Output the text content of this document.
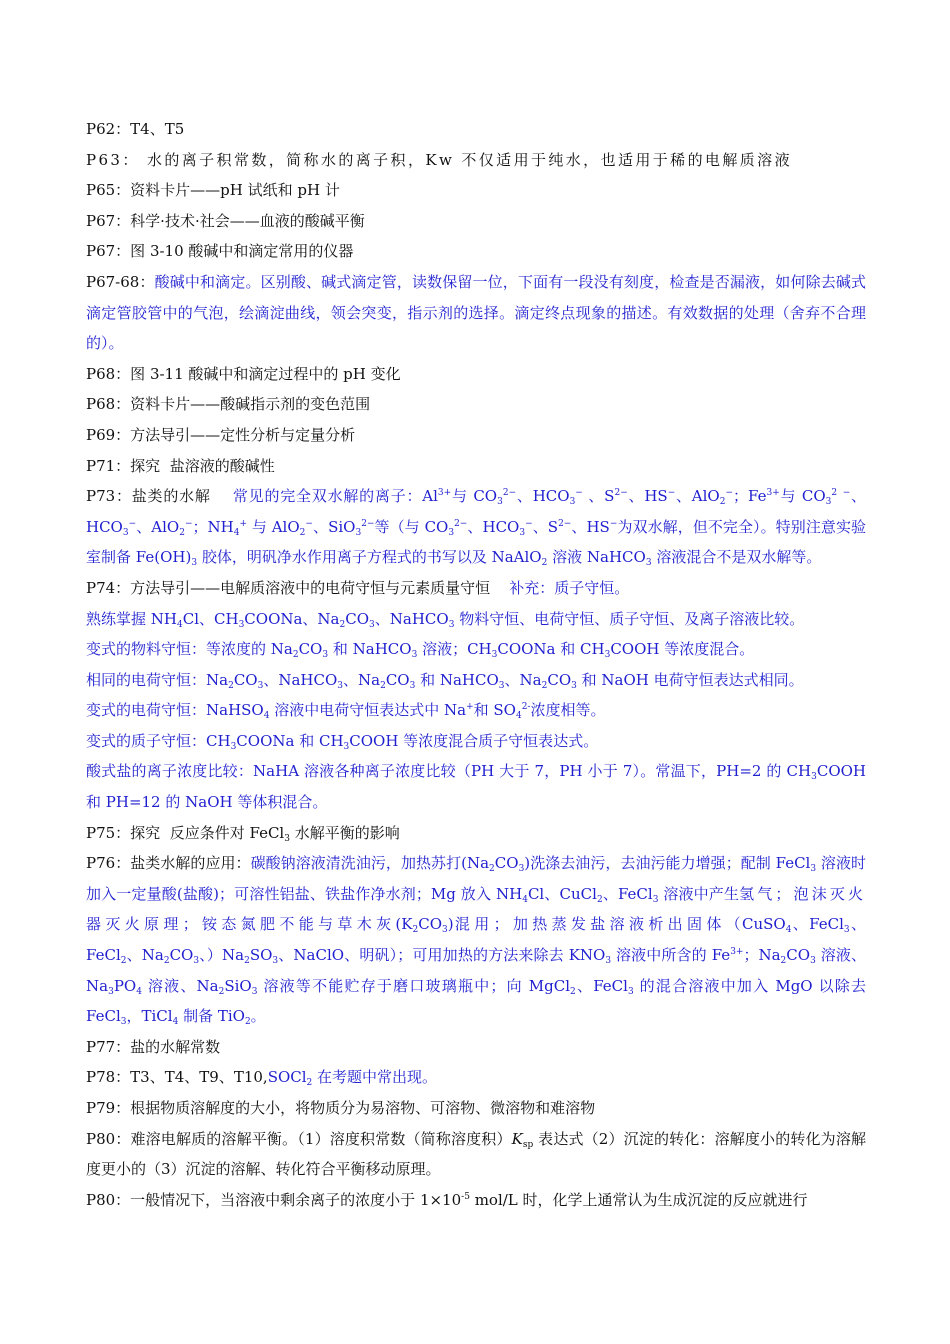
P62：T4、T5

P63： 水的离子积常数，简称水的离子积，Kw 不仅适用于纯水，也适用于稀的电解质溶液

P65：资料卡片——pH 试纸和 pH 计

P67：科学·技术·社会——血液的酸碱平衡

P67：图 3-10 酸碱中和滴定常用的仪器

P67-68：酸碱中和滴定。区别酸、碱式滴定管，读数保留一位，下面有一段没有刻度，检查是否漏液，如何除去碱式滴定管胶管中的气泡，绘滴淀曲线，领会突变，指示剂的选择。滴定终点现象的描述。有效数据的处理（舍弃不合理的）。

P68：图 3-11 酸碱中和滴定过程中的 pH 变化

P68：资料卡片——酸碱指示剂的变色范围

P69：方法导引——定性分析与定量分析

P71：探究  盐溶液的酸碱性

P73：盐类的水解    常见的完全双水解的离子：$Al^{3+}$与 $CO_3^{2-}$、$HCO_3^-$ 、$S^{2-}$、HS−、AlO$_2$−；$Fe^{3+}$与 $CO_3^2$ −、$HCO_3^-$、AlO$_2$−；$NH_4^+$ 与 AlO$_2$−、SiO$_3^{2-}$等（与 $CO_3^{2-}$、$HCO_3^-$、$S^{2-}$、HS−为双水解，但不完全）。特别注意实验室制备 $Fe(OH)_3$ 胶体，明矾净水作用离子方程式的书写以及 NaAlO$_2$ 溶液 NaHCO$_3$ 溶液混合不是双水解等。

P74：方法导引——电解质溶液中的电荷守恒与元素质量守恒 补充：质子守恒。

熟练掌握 $NH_4Cl$、$CH_3COONa$、$Na_2CO_3$、NaHCO$_3$ 物料守恒、电荷守恒、质子守恒、及离子溶液比较。

变式的物料守恒：等浓度的 $Na_2CO_3$ 和 NaHCO$_3$ 溶液；$CH_3COONa$ 和 $CH_3COOH$ 等浓度混合。

相同的电荷守恒：$Na_2CO_3$、NaHCO$_3$、$Na_2CO_3$ 和 NaHCO$_3$、$Na_2CO_3$ 和 NaOH 电荷守恒表达式相同。

变式的电荷守恒：NaHSO$_4$ 溶液中电荷守恒表达式中 Na+和 $SO_4^{2-}$浓度相等。

变式的质子守恒：$CH_3COONa$ 和 $CH_3COOH$ 等浓度混合质子守恒表达式。

酸式盐的离子浓度比较：NaHA 溶液各种离子浓度比较（PH 大于 7，PH 小于 7）。常温下，PH=2 的 $CH_3COOH$ 和 PH=12 的 NaOH 等体积混合。

P75：探究  反应条件对 FeCl$_3$ 水解平衡的影响

P76：盐类水解的应用：碳酸钠溶液清洗油污，加热苏打$(Na_2CO_3)$洗涤去油污，去油污能力增强；配制 FeCl$_3$ 溶液时加入一定量酸(盐酸)；可溶性铝盐、铁盐作净水剂；Mg 放入 $NH_4Cl$、CuCl$_2$、FeCl$_3$ 溶液中产生氢气；泡沫灭火器灭火原理；铵态氮肥不能与草木灰$(K_2CO_3)$混用；加热蒸发盐溶液析出固体（CuSO$_4$、FeCl$_3$、FeCl$_2$、$Na_2CO_3$、）$Na_2SO_3$、NaClO、明矾）；可用加热的方法来除去 $KNO_3$ 溶液中所含的 $Fe^{3+}$；$Na_2CO_3$ 溶液、$Na_3PO_4$ 溶液、$Na_2SiO_3$ 溶液等不能贮存于磨口玻璃瓶中；向 MgCl$_2$、FeCl$_3$ 的混合溶液中加入 MgO 以除去 FeCl$_3$，TiCl$_4$ 制备 TiO$_2$。

P77：盐的水解常数

P78：T3、T4、T9、T10,SOCl$_2$ 在考题中常出现。

P79：根据物质溶解度的大小，将物质分为易溶物、可溶物、微溶物和难溶物

P80：难溶电解质的溶解平衡。（1）溶度积常数（简称溶度积）$K_{sp}$ 表达式（2）沉淀的转化：溶解度小的转化为溶解度更小的（3）沉淀的溶解、转化符合平衡移动原理。

P80：一般情况下，当溶液中剩余离子的浓度小于 $1\times 10^{-5}$ mol/L 时，化学上通常认为生成沉淀的反应就进行
